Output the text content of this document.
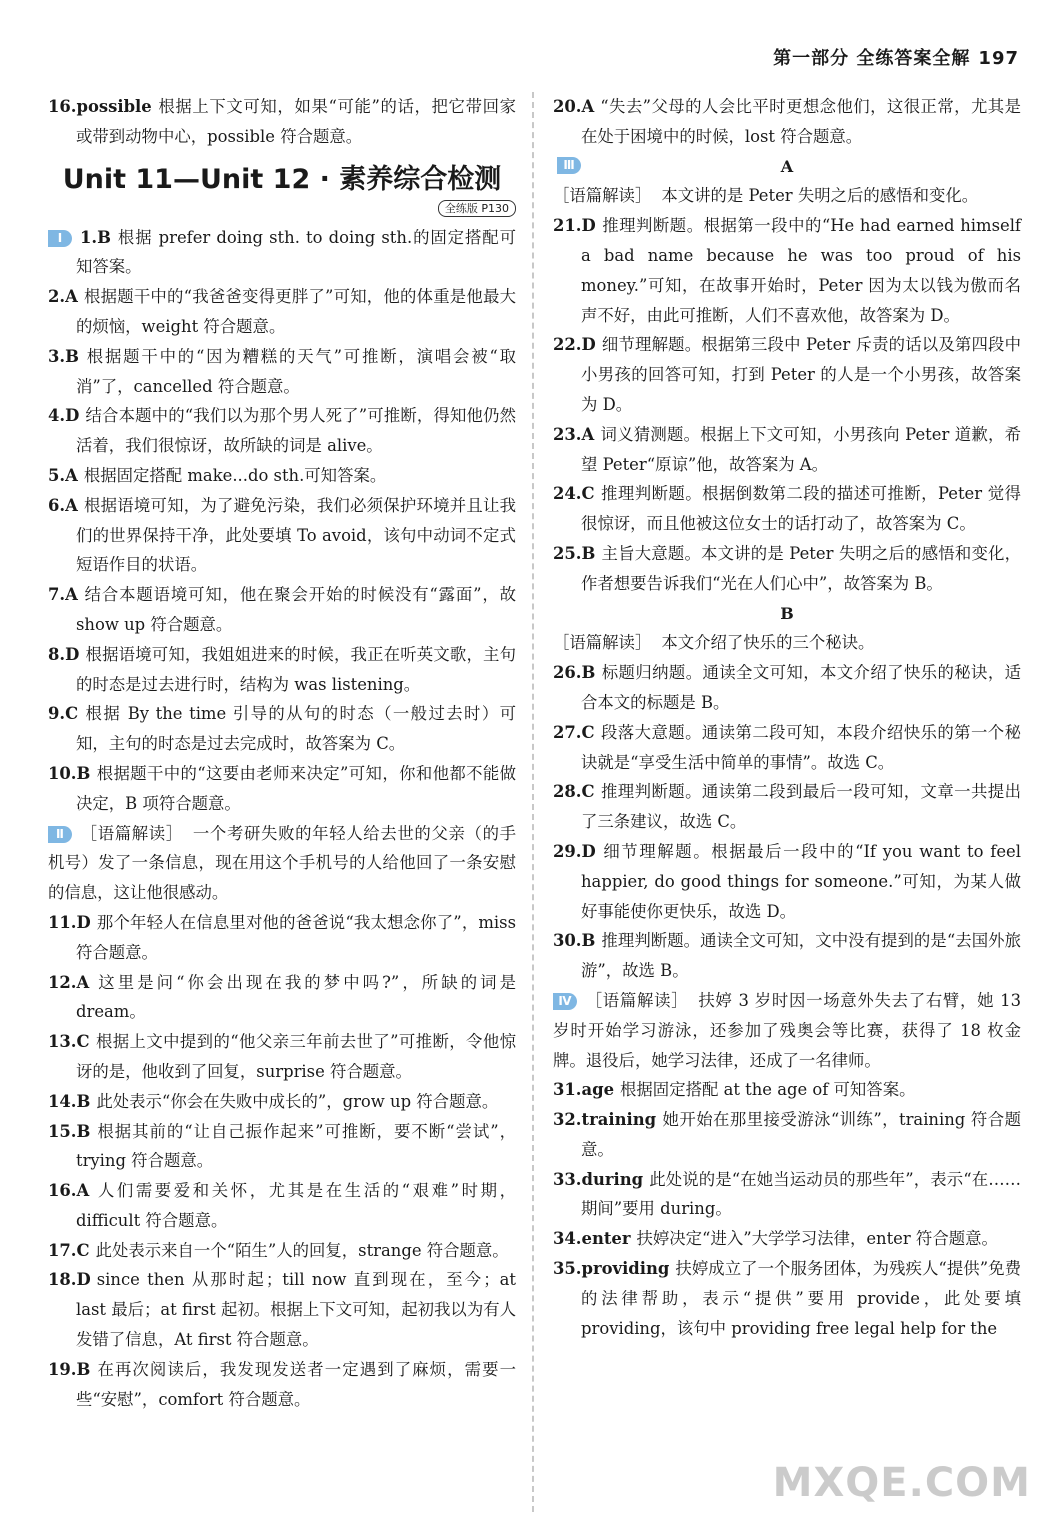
第一部分 全练答案全解 197

16.possible 根据上下文可知，如果“可能”的话，把它带回家或带到动物中心，possible 符合题意。

Unit 11—Unit 12 · 素养综合检测
全练版 P130

Ⅰ 1.B 根据 prefer doing sth. to doing sth.的固定搭配可知答案。

2.A 根据题干中的“我爸爸变得更胖了”可知，他的体重是他最大的烦恼，weight 符合题意。

3.B 根据题干中的“因为糟糕的天气”可推断，演唱会被“取消”了，cancelled 符合题意。

4.D 结合本题中的“我们以为那个男人死了”可推断，得知他仍然活着，我们很惊讶，故所缺的词是 alive。

5.A 根据固定搭配 make...do sth.可知答案。

6.A 根据语境可知，为了避免污染，我们必须保护环境并且让我们的世界保持干净，此处要填 To avoid，该句中动词不定式短语作目的状语。

7.A 结合本题语境可知，他在聚会开始的时候没有“露面”，故 show up 符合题意。

8.D 根据语境可知，我姐姐进来的时候，我正在听英文歌，主句的时态是过去进行时，结构为 was listening。

9.C 根据 By the time 引导的从句的时态（一般过去时）可知，主句的时态是过去完成时，故答案为 C。

10.B 根据题干中的“这要由老师来决定”可知，你和他都不能做决定，B 项符合题意。

Ⅱ ［语篇解读］ 一个考研失败的年轻人给去世的父亲（的手机号）发了一条信息，现在用这个手机号的人给他回了一条安慰的信息，这让他很感动。

11.D 那个年轻人在信息里对他的爸爸说“我太想念你了”，miss 符合题意。

12.A 这里是问“你会出现在我的梦中吗?”，所缺的词是 dream。

13.C 根据上文中提到的“他父亲三年前去世了”可推断，令他惊讶的是，他收到了回复，surprise 符合题意。

14.B 此处表示“你会在失败中成长的”，grow up 符合题意。

15.B 根据其前的“让自己振作起来”可推断，要不断“尝试”，trying 符合题意。

16.A 人们需要爱和关怀，尤其是在生活的“艰难”时期，difficult 符合题意。

17.C 此处表示来自一个“陌生”人的回复，strange 符合题意。

18.D since then 从那时起；till now 直到现在，至今；at last 最后；at first 起初。根据上下文可知，起初我以为有人发错了信息，At first 符合题意。

19.B 在再次阅读后，我发现发送者一定遇到了麻烦，需要一些“安慰”，comfort 符合题意。

20.A “失去”父母的人会比平时更想念他们，这很正常，尤其是在处于困境中的时候，lost 符合题意。

Ⅲ	A

［语篇解读］ 本文讲的是 Peter 失明之后的感悟和变化。

21.D 推理判断题。根据第一段中的“He had earned himself a bad name because he was too proud of his money.”可知，在故事开始时，Peter 因为太以钱为傲而名声不好，由此可推断，人们不喜欢他，故答案为 D。

22.D 细节理解题。根据第三段中 Peter 斥责的话以及第四段中小男孩的回答可知，打到 Peter 的人是一个小男孩，故答案为 D。

23.A 词义猜测题。根据上下文可知，小男孩向 Peter 道歉，希望 Peter“原谅”他，故答案为 A。

24.C 推理判断题。根据倒数第二段的描述可推断，Peter 觉得很惊讶，而且他被这位女士的话打动了，故答案为 C。

25.B 主旨大意题。本文讲的是 Peter 失明之后的感悟和变化，作者想要告诉我们“光在人们心中”，故答案为 B。

B

［语篇解读］ 本文介绍了快乐的三个秘诀。

26.B 标题归纳题。通读全文可知，本文介绍了快乐的秘诀，适合本文的标题是 B。

27.C 段落大意题。通读第二段可知，本段介绍快乐的第一个秘诀就是“享受生活中简单的事情”。故选 C。

28.C 推理判断题。通读第二段到最后一段可知，文章一共提出了三条建议，故选 C。

29.D 细节理解题。根据最后一段中的“If you want to feel happier, do good things for someone.”可知，为某人做好事能使你更快乐，故选 D。

30.B 推理判断题。通读全文可知，文中没有提到的是“去国外旅游”，故选 B。

Ⅳ ［语篇解读］ 扶婷 3 岁时因一场意外失去了右臂，她 13 岁时开始学习游泳，还参加了残奥会等比赛，获得了 18 枚金牌。退役后，她学习法律，还成了一名律师。

31.age 根据固定搭配 at the age of 可知答案。

32.training 她开始在那里接受游泳“训练”，training 符合题意。

33.during 此处说的是“在她当运动员的那些年”，表示“在……期间”要用 during。

34.enter 扶婷决定“进入”大学学习法律，enter 符合题意。

35.providing 扶婷成立了一个服务团体，为残疾人“提供”免费的法律帮助，表示“提供”要用 provide，此处要填 providing，该句中 providing free legal help for the

MXQE.COM
